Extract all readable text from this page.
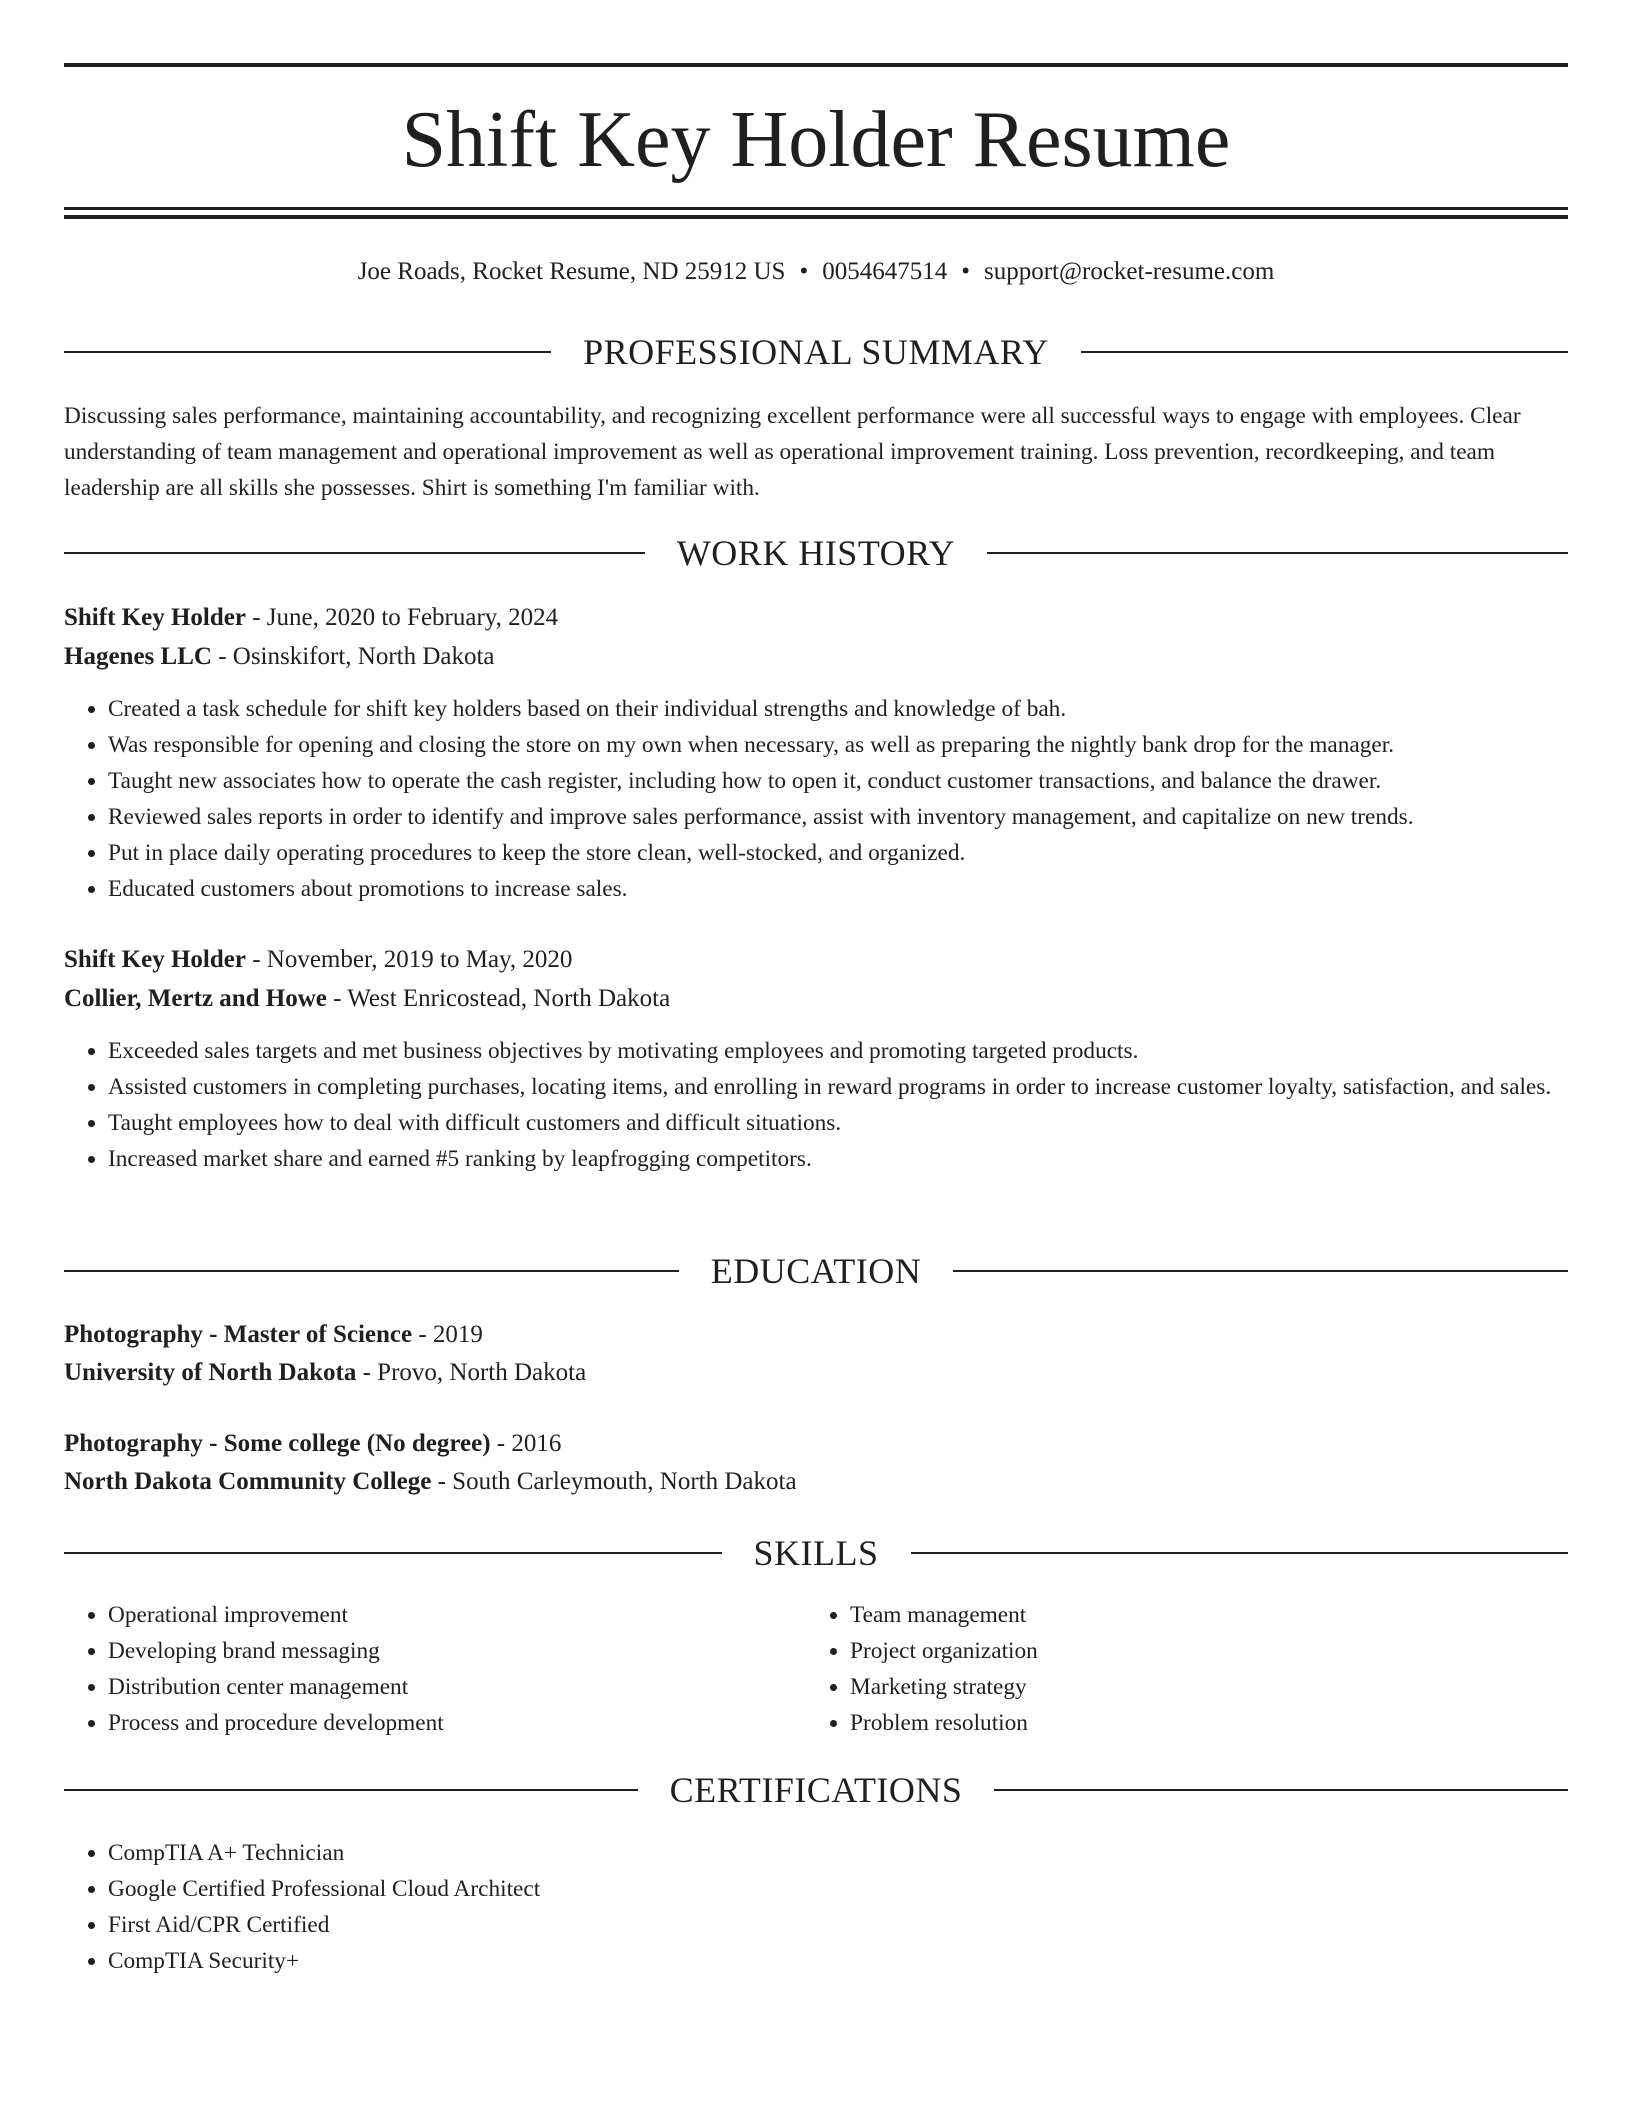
Shift Key Holder Resume
Joe Roads, Rocket Resume, ND 25912 US • 0054647514 • support@rocket-resume.com
PROFESSIONAL SUMMARY

Discussing sales performance, maintaining accountability, and recognizing excellent performance were all successful ways to engage with employees. Clear understanding of team management and operational improvement as well as operational improvement training. Loss prevention, recordkeeping, and team leadership are all skills she possesses. Shirt is something I'm familiar with.

WORK HISTORY
Shift Key Holder - June, 2020 to February, 2024
Hagenes LLC - Osinskifort, North Dakota
• Created a task schedule for shift key holders based on their individual strengths and knowledge of bah.
• Was responsible for opening and closing the store on my own when necessary, as well as preparing the nightly bank drop for the manager.
• Taught new associates how to operate the cash register, including how to open it, conduct customer transactions, and balance the drawer.
• Reviewed sales reports in order to identify and improve sales performance, assist with inventory management, and capitalize on new trends.
• Put in place daily operating procedures to keep the store clean, well-stocked, and organized.
• Educated customers about promotions to increase sales.
Shift Key Holder - November, 2019 to May, 2020
Collier, Mertz and Howe - West Enricostead, North Dakota
• Exceeded sales targets and met business objectives by motivating employees and promoting targeted products.
• Assisted customers in completing purchases, locating items, and enrolling in reward programs in order to increase customer loyalty, satisfaction, and sales.
• Taught employees how to deal with difficult customers and difficult situations.
• Increased market share and earned #5 ranking by leapfrogging competitors.
EDUCATION
Photography - Master of Science - 2019
University of North Dakota - Provo, North Dakota
Photography - Some college (No degree) - 2016
North Dakota Community College - South Carleymouth, North Dakota
SKILLS
• Operational improvement
• Developing brand messaging
• Distribution center management
• Process and procedure development
• Team management
• Project organization
• Marketing strategy
• Problem resolution
CERTIFICATIONS
• CompTIA A+ Technician
• Google Certified Professional Cloud Architect
• First Aid/CPR Certified
• CompTIA Security+
